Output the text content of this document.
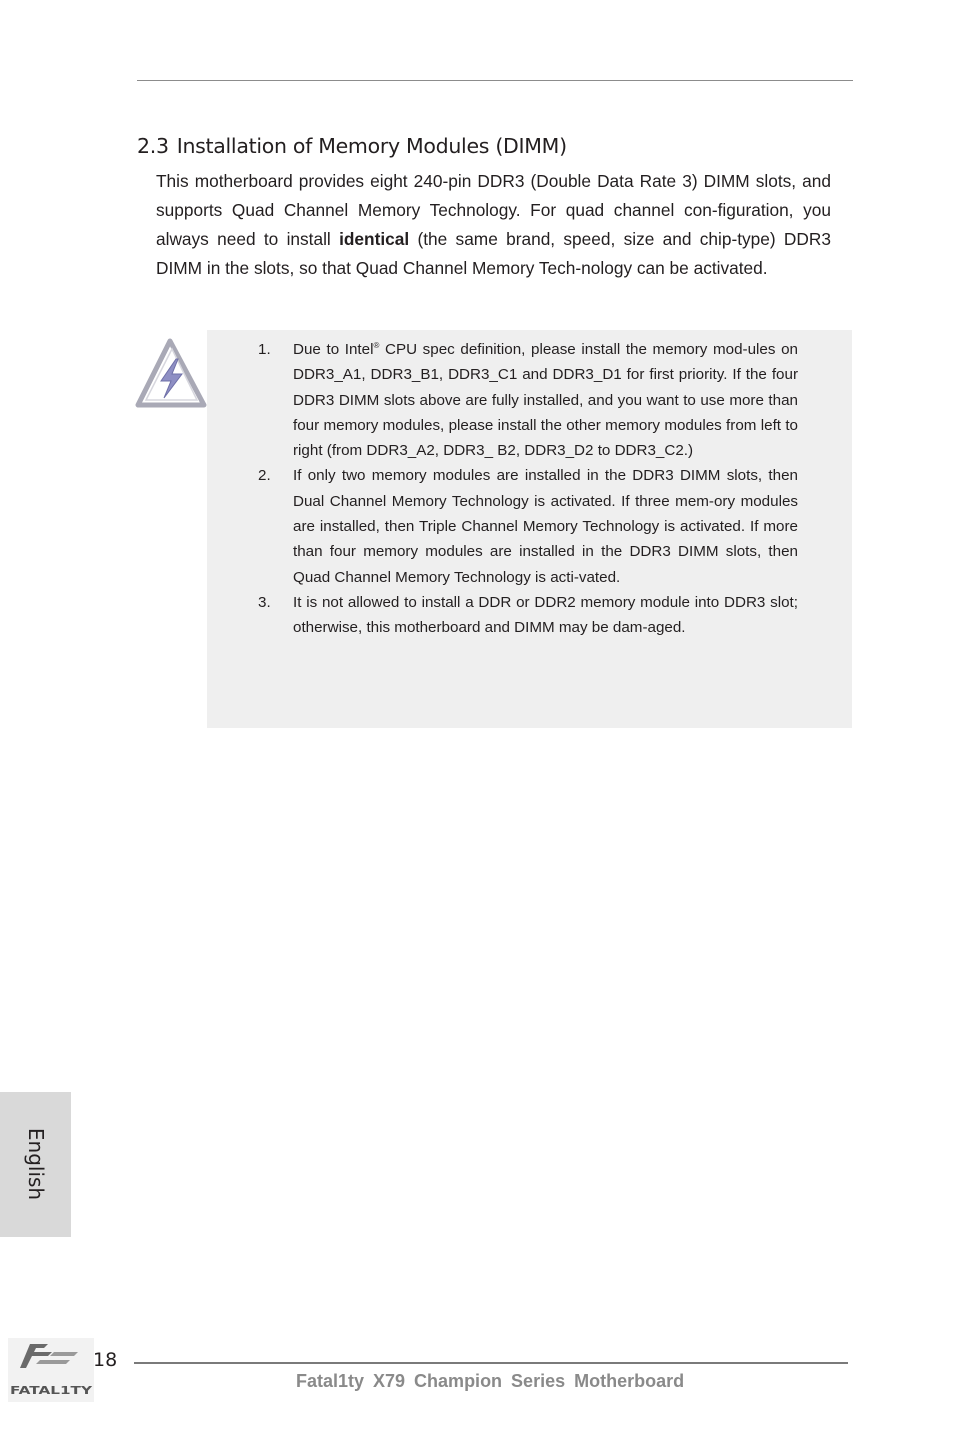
2.3 Installation of Memory Modules (DIMM)

This motherboard provides eight 240-pin DDR3 (Double Data Rate 3) DIMM slots, and supports Quad Channel Memory Technology. For quad channel con-figuration, you always need to install identical (the same brand, speed, size and chip-type) DDR3 DIMM in the slots, so that Quad Channel Memory Tech-nology can be activated.

1. Due to Intel® CPU spec definition, please install the memory mod-ules on DDR3_A1, DDR3_B1, DDR3_C1 and DDR3_D1 for first priority. If the four DDR3 DIMM slots above are fully installed, and you want to use more than four memory modules, please install the other memory modules from left to right (from DDR3_A2, DDR3_ B2, DDR3_D2 to DDR3_C2.)
2. If only two memory modules are installed in the DDR3 DIMM slots, then Dual Channel Memory Technology is activated. If three mem-ory modules are installed, then Triple Channel Memory Technology is activated. If more than four memory modules are installed in the DDR3 DIMM slots, then Quad Channel Memory Technology is acti-vated.
3. It is not allowed to install a DDR or DDR2 memory module into DDR3 slot; otherwise, this motherboard and DIMM may be dam-aged.
English
FATAL1TY
18
Fatal1ty X79 Champion Series Motherboard
